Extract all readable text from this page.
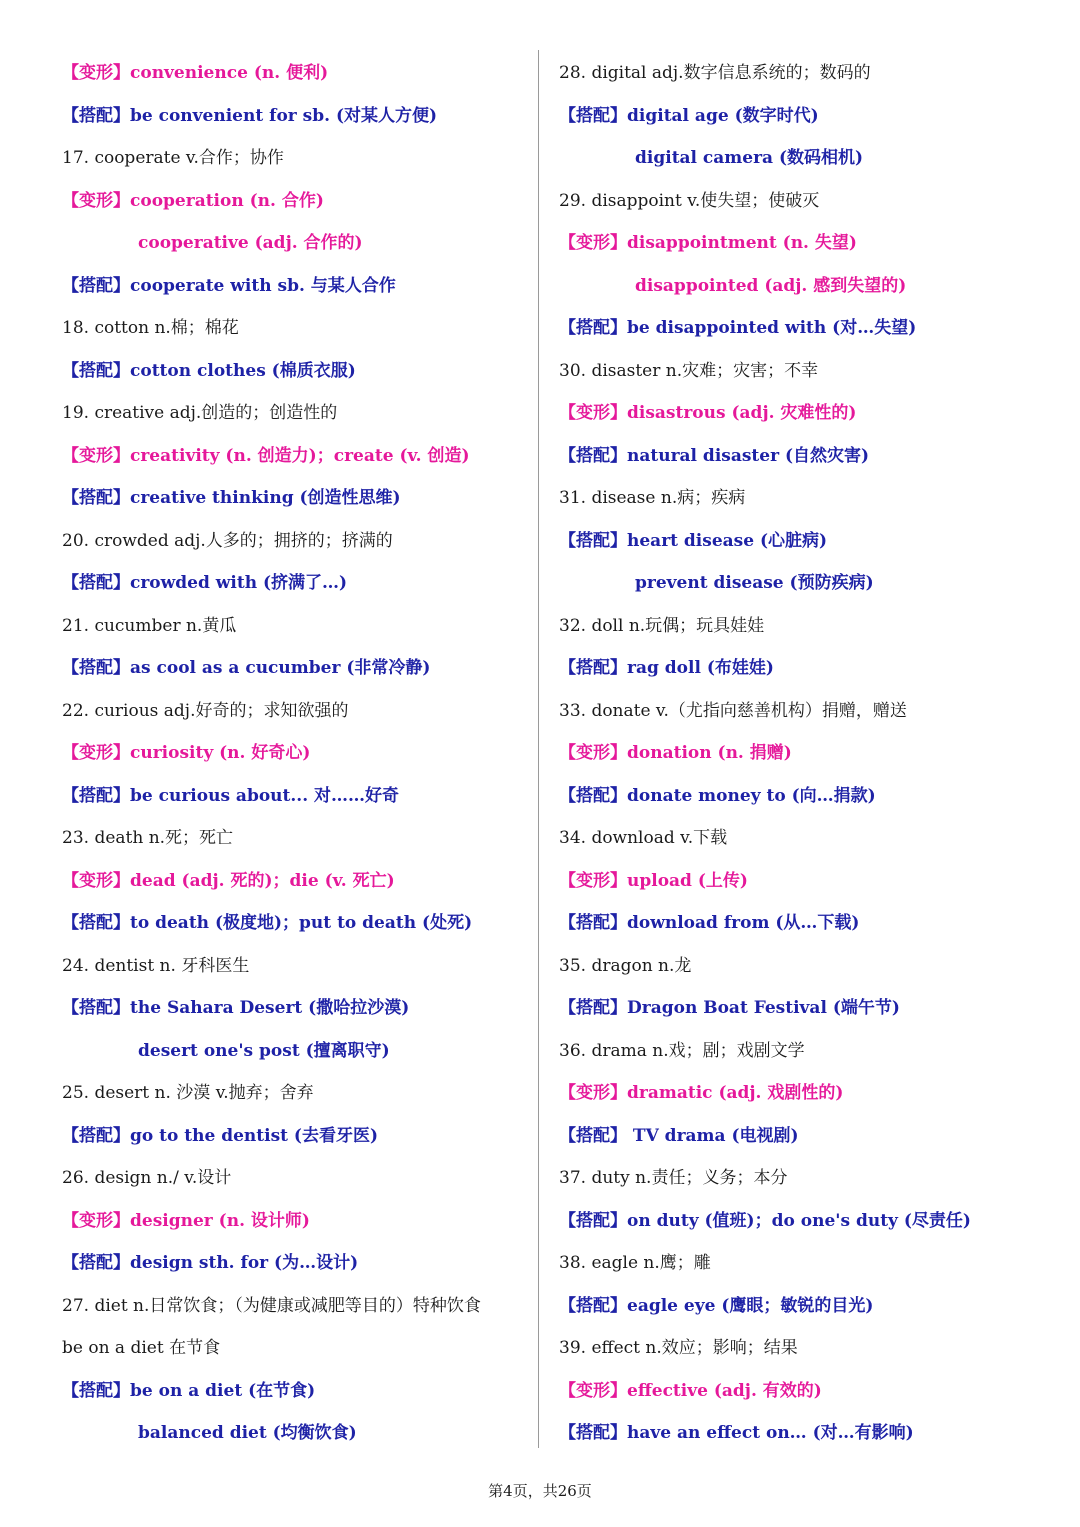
【变形】convenience (n. 便利)
【搭配】be convenient for sb. (对某人方便)
17. cooperate v.合作；协作
【变形】cooperation (n. 合作)
cooperative (adj. 合作的)
【搭配】cooperate with sb. 与某人合作
18. cotton n.棉；棉花
【搭配】cotton clothes (棉质衣服)
19. creative adj.创造的；创造性的
【变形】creativity (n. 创造力)；create (v. 创造)
【搭配】creative thinking (创造性思维)
20. crowded adj.人多的；拥挤的；挤满的
【搭配】crowded with (挤满了…)
21. cucumber n.黄瓜
【搭配】as cool as a cucumber (非常冷静)
22. curious adj.好奇的；求知欲强的
【变形】curiosity (n. 好奇心)
【搭配】be curious about... 对……好奇
23. death n.死；死亡
【变形】dead (adj. 死的)；die (v. 死亡)
【搭配】to death (极度地)；put to death (处死)
24. dentist n. 牙科医生
【搭配】the Sahara Desert (撒哈拉沙漠)
desert one's post (擅离职守)
25. desert n. 沙漠 v.抛弃；舍弃
【搭配】go to the dentist (去看牙医)
26. design n./ v.设计
【变形】designer (n. 设计师)
【搭配】design sth. for (为…设计)
27. diet n.日常饮食；（为健康或减肥等目的）特种饮食
be on a diet 在节食
【搭配】be on a diet (在节食)
balanced diet (均衡饮食)
28. digital adj.数字信息系统的；数码的
【搭配】digital age (数字时代)
digital camera (数码相机)
29. disappoint v.使失望；使破灭
【变形】disappointment (n. 失望)
disappointed (adj. 感到失望的)
【搭配】be disappointed with (对…失望)
30. disaster n.灾难；灾害；不幸
【变形】disastrous (adj. 灾难性的)
【搭配】natural disaster (自然灾害)
31. disease n.病；疾病
【搭配】heart disease (心脏病)
prevent disease (预防疾病)
32. doll n.玩偶；玩具娃娃
【搭配】rag doll (布娃娃)
33. donate v.（尤指向慈善机构）捐赠，赠送
【变形】donation (n. 捐赠)
【搭配】donate money to (向…捐款)
34. download v.下载
【变形】upload (上传)
【搭配】download from (从…下载)
35. dragon n.龙
【搭配】Dragon Boat Festival (端午节)
36. drama n.戏；剧；戏剧文学
【变形】dramatic (adj. 戏剧性的)
【搭配】 TV drama (电视剧)
37. duty n.责任；义务；本分
【搭配】on duty (值班)；do one's duty (尽责任)
38. eagle n.鹰；雕
【搭配】eagle eye (鹰眼；敏锐的目光)
39. effect n.效应；影响；结果
【变形】effective (adj. 有效的)
【搭配】have an effect on… (对…有影响)
第4页，共26页
